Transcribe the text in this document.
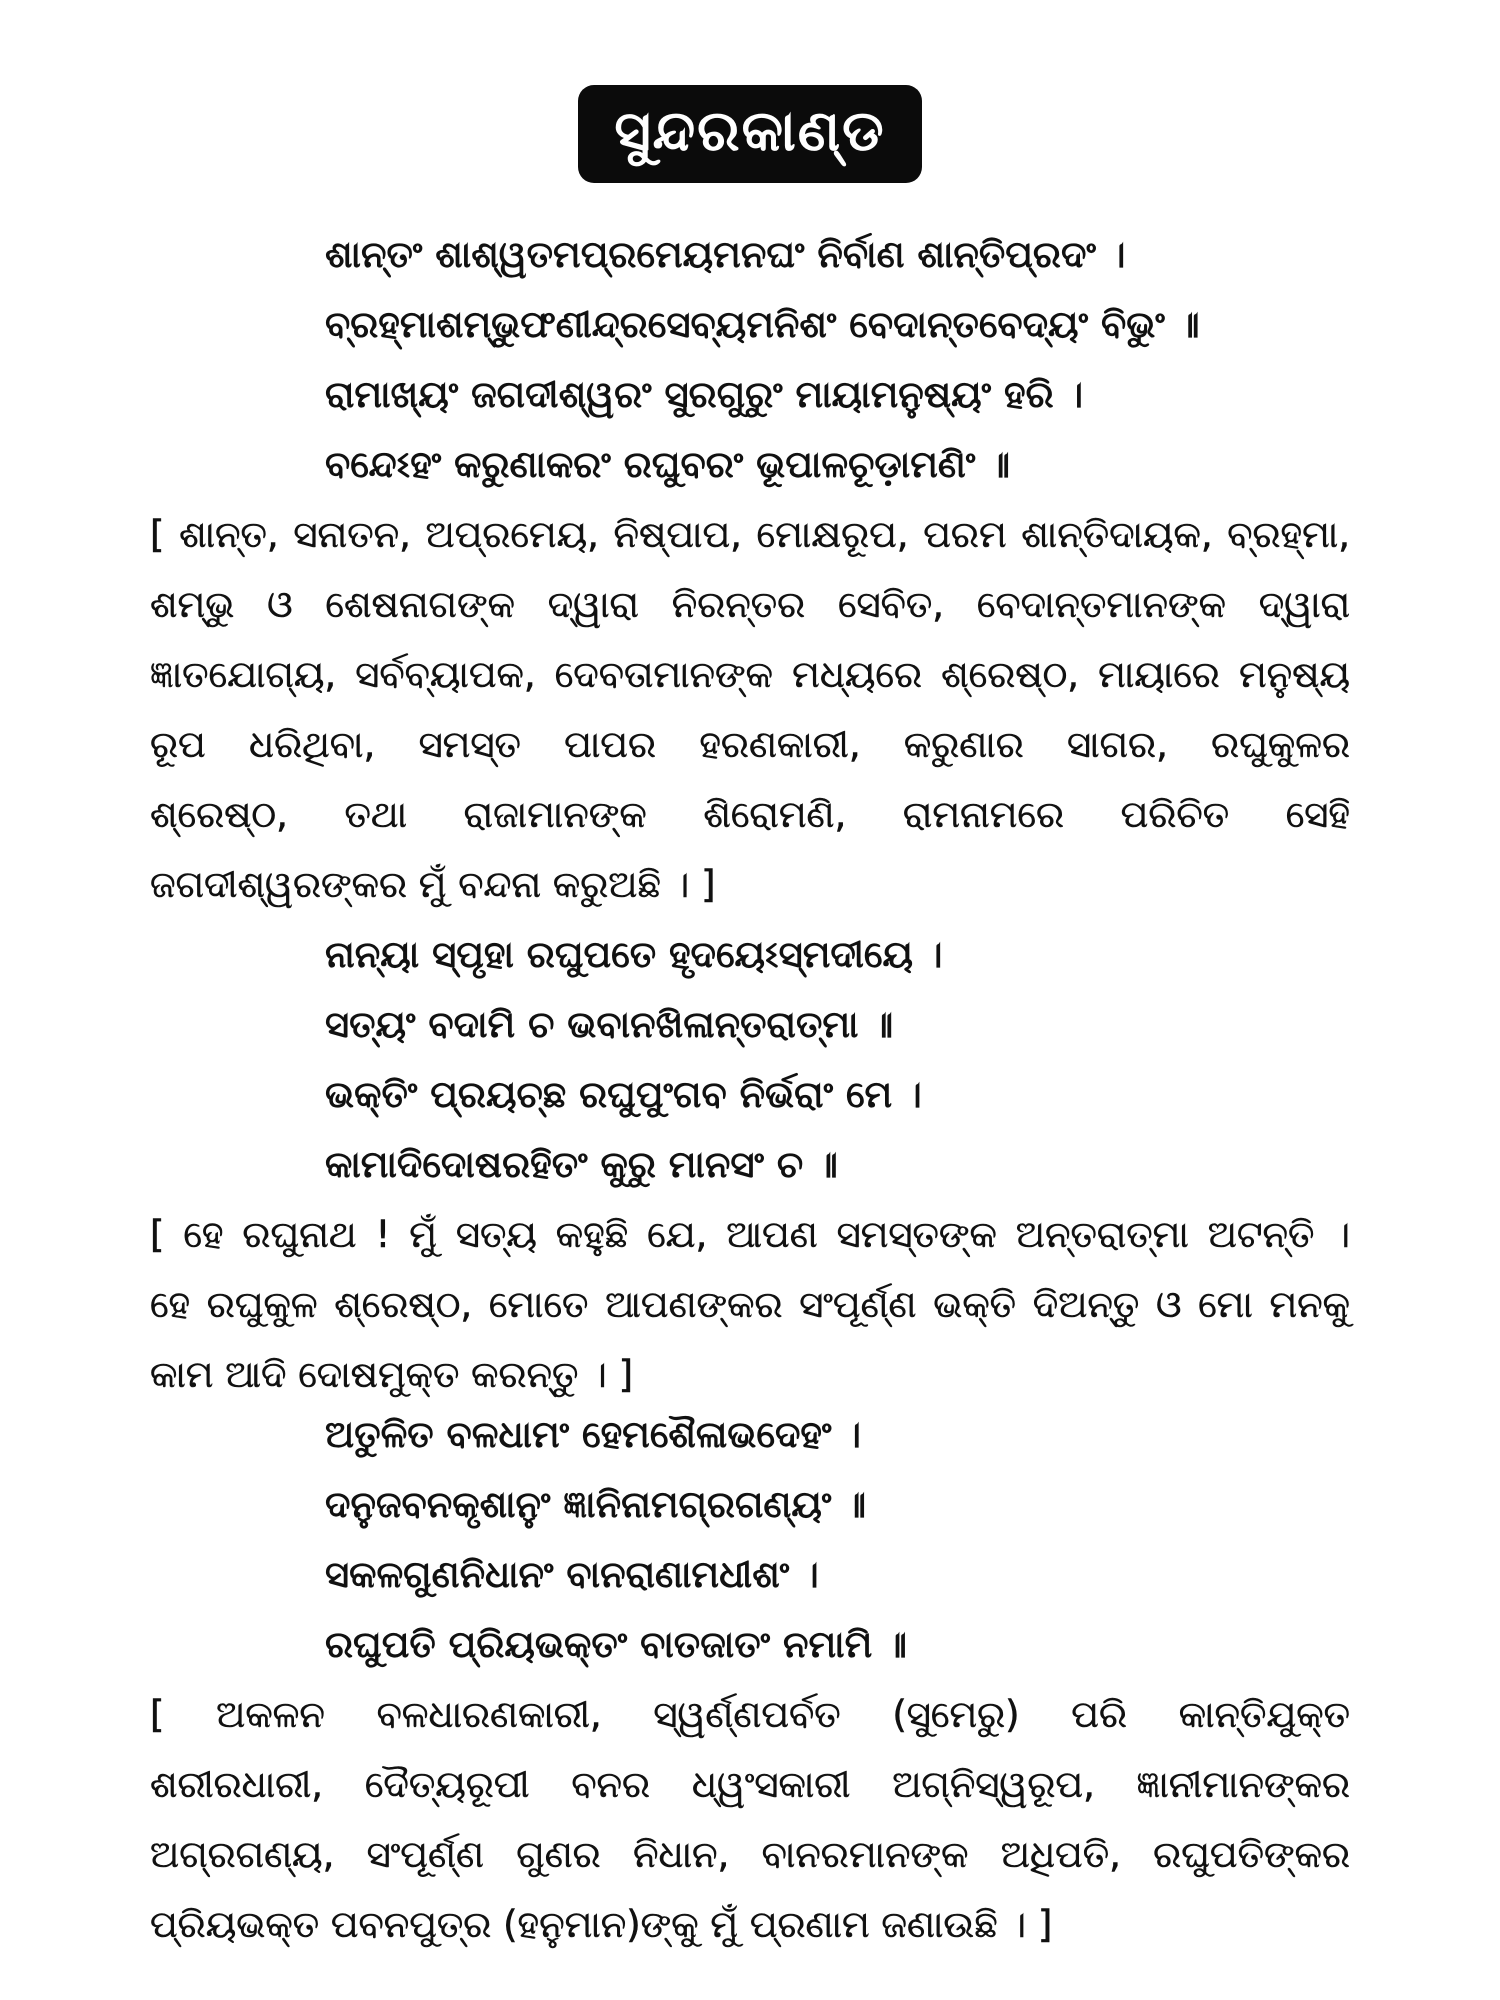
ସୁନ୍ଦରକାଣ୍ଡ
ଶାନ୍ତଂ ଶାଶ୍ୱତମପ୍ରମେୟମନଘଂ ନିର୍ବାଣ ଶାନ୍ତିପ୍ରଦଂ ।
ବ୍ରହ୍ମାଶମ୍ଭୁଫଣୀନ୍ଦ୍ରସେବ୍ୟମନିଶଂ ବେଦାନ୍ତବେଦ୍ୟଂ ବିଭୁଂ ॥
ରାମାଖ୍ୟଂ ଜଗଦୀଶ୍ୱରଂ ସୁରଗୁରୁଂ ମାୟାମନୁଷ୍ୟଂ ହରି ।
ବନ୍ଦେଽହଂ କରୁଣାକରଂ ରଘୁବରଂ ଭୂପାଳଚୂଡ଼ାମଣିଂ ॥
[ ଶାନ୍ତ, ସନାତନ, ଅପ୍ରମେୟ, ନିଷ୍ପାପ, ମୋକ୍ଷରୂପ, ପରମ ଶାନ୍ତିଦାୟକ, ବ୍ରହ୍ମା,
ଶମ୍ଭୁ ଓ ଶେଷନାଗଙ୍କ ଦ୍ୱାରା ନିରନ୍ତର ସେବିତ, ବେଦାନ୍ତମାନଙ୍କ ଦ୍ୱାରା
ଜ୍ଞାତଯୋଗ୍ୟ, ସର୍ବବ୍ୟାପକ, ଦେବତାମାନଙ୍କ ମଧ୍ୟରେ ଶ୍ରେଷ୍ଠ, ମାୟାରେ ମନୁଷ୍ୟ
ରୂପ ଧରିଥିବା, ସମସ୍ତ ପାପର ହରଣକାରୀ, କରୁଣାର ସାଗର, ରଘୁକୁଳର
ଶ୍ରେଷ୍ଠ, ତଥା ରାଜାମାନଙ୍କ ଶିରୋମଣି, ରାମନାମରେ ପରିଚିତ ସେହି
ଜଗଦୀଶ୍ୱରଙ୍କର ମୁଁ ବନ୍ଦନା କରୁଅଛି । ]
ନାନ୍ୟା ସ୍ପୃହା ରଘୁପତେ ହୃଦୟେଽସ୍ମଦୀୟେ ।
ସତ୍ୟଂ ବଦାମି ଚ ଭବାନଖିଳାନ୍ତରାତ୍ମା ॥
ଭକ୍ତିଂ ପ୍ରୟଚ୍ଛ ରଘୁପୁଂଗବ ନିର୍ଭରାଂ ମେ ।
କାମାଦିଦୋଷରହିତଂ କୁରୁ ମାନସଂ ଚ ॥
[ ହେ ରଘୁନାଥ ! ମୁଁ ସତ୍ୟ କହୁଛି ଯେ, ଆପଣ ସମସ୍ତଙ୍କ ଅନ୍ତରାତ୍ମା ଅଟନ୍ତି ।
ହେ ରଘୁକୁଳ ଶ୍ରେଷ୍ଠ, ମୋତେ ଆପଣଙ୍କର ସଂପୂର୍ଣ୍ଣ ଭକ୍ତି ଦିଅନ୍ତୁ ଓ ମୋ ମନକୁ
କାମ ଆଦି ଦୋଷମୁକ୍ତ କରନ୍ତୁ । ]
ଅତୁଳିତ ବଳଧାମଂ ହେମଶୈଳାଭଦେହଂ ।
ଦନୁଜବନକୃଶାନୁଂ ଜ୍ଞାନିନାମଗ୍ରଗଣ୍ୟଂ ॥
ସକଳଗୁଣନିଧାନଂ ବାନରାଣାମଧୀଶଂ ।
ରଘୁପତି ପ୍ରିୟଭକ୍ତଂ ବାତଜାତଂ ନମାମି ॥
[ ଅକଳନ ବଳଧାରଣକାରୀ, ସ୍ୱର୍ଣ୍ଣପର୍ବତ (ସୁମେରୁ) ପରି କାନ୍ତିଯୁକ୍ତ
ଶରୀରଧାରୀ, ଦୈତ୍ୟରୂପୀ ବନର ଧ୍ୱଂସକାରୀ ଅଗ୍ନିସ୍ୱରୂପ, ଜ୍ଞାନୀମାନଙ୍କର
ଅଗ୍ରଗଣ୍ୟ, ସଂପୂର୍ଣ୍ଣ ଗୁଣର ନିଧାନ, ବାନରମାନଙ୍କ ଅଧିପତି, ରଘୁପତିଙ୍କର
ପ୍ରିୟଭକ୍ତ ପବନପୁତ୍ର (ହନୁମାନ)ଙ୍କୁ ମୁଁ ପ୍ରଣାମ ଜଣାଉଛି । ]
